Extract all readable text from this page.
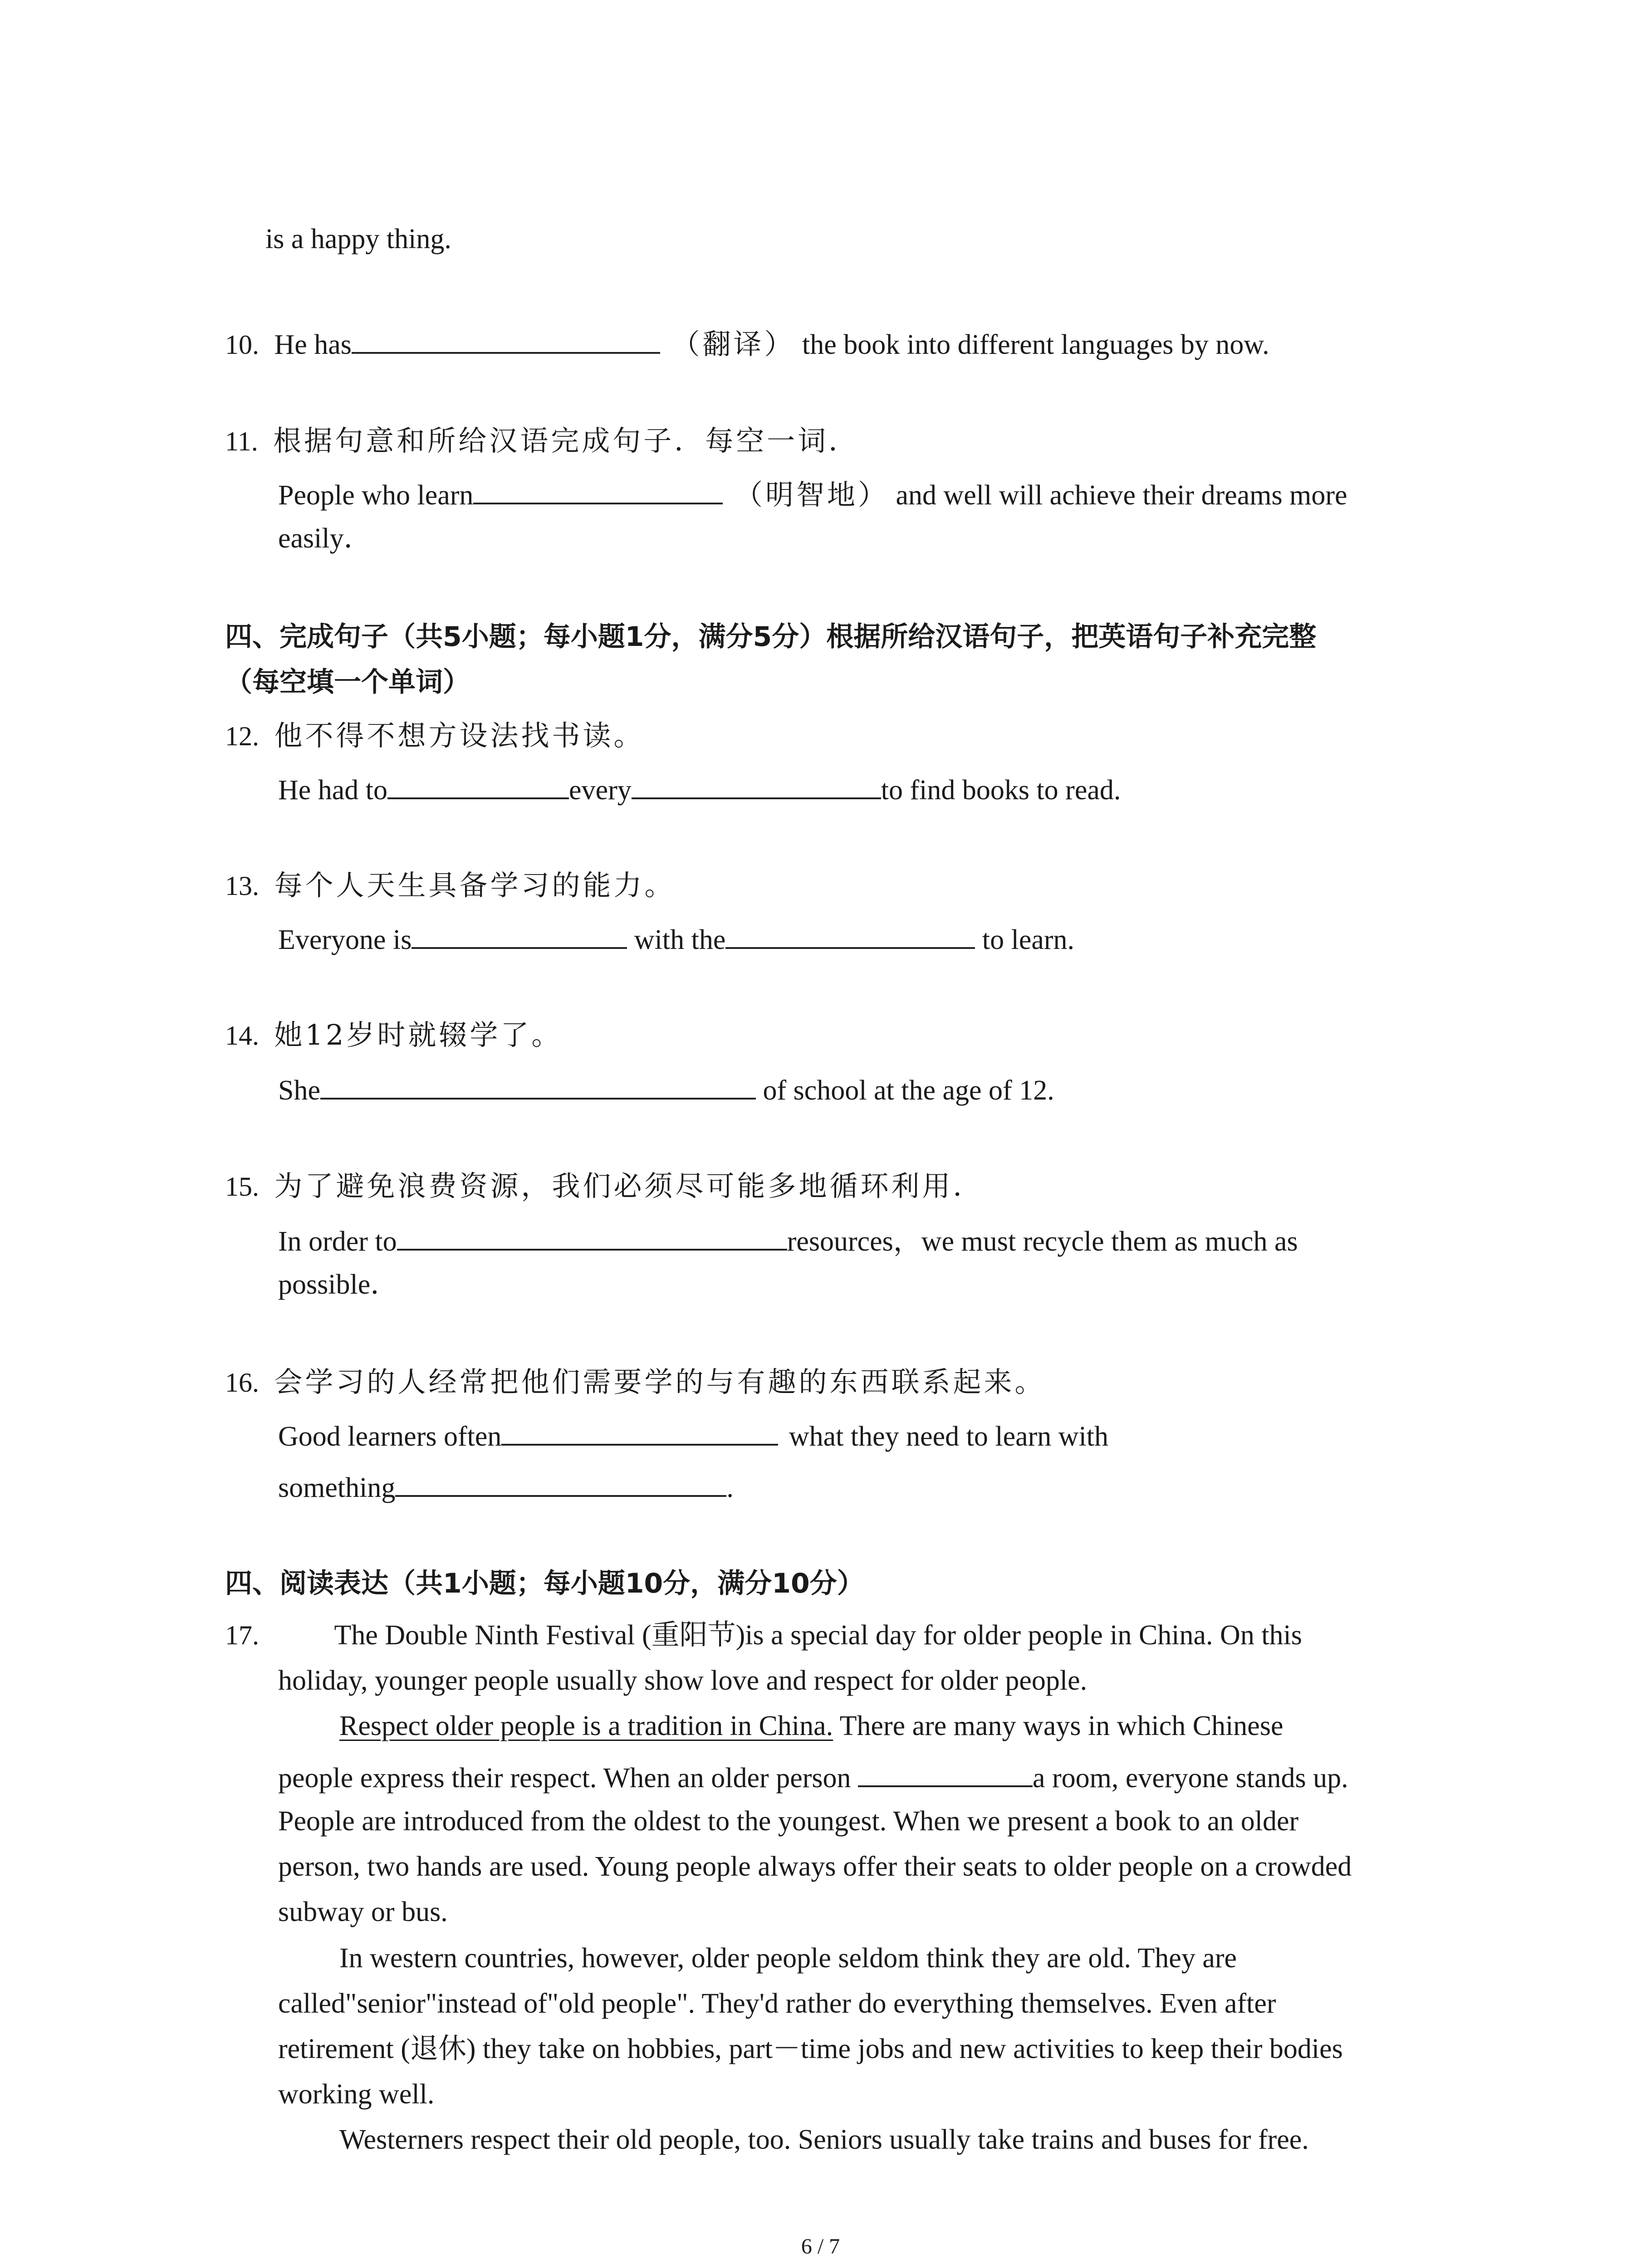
is a happy thing.
10. He has	（翻译） the book into different languages by now.
11. 根据句意和所给汉语完成句子．每空一词．
People who learn	（明智地） and well will achieve their dreams more
easily．
四、完成句子（共5小题；每小题1分，满分5分）根据所给汉语句子，把英语句子补充完整
（每空填一个单词）
12. 他不得不想方设法找书读。
He had to	every	to find books to read.
13. 每个人天生具备学习的能力。
Everyone is	with the	to learn.
14. 她12岁时就辍学了。
She	of school at the age of 12.
15. 为了避免浪费资源，我们必须尽可能多地循环利用．
In order to	resources，we must recycle them as much as
possible．
16. 会学习的人经常把他们需要学的与有趣的东西联系起来。
Good learners often	what they need to learn with
something	.
四、阅读表达（共1小题；每小题10分，满分10分）
17.	The Double Ninth Festival (重阳节)is a special day for older people in China. On this
holiday, younger people usually show love and respect for older people.
Respect older people is a tradition in China. There are many ways in which Chinese
people express their respect. When an older person	a room, everyone stands up.
People are introduced from the oldest to the youngest. When we present a book to an older
person, two hands are used. Young people always offer their seats to older people on a crowded
subway or bus.
In western countries, however, older people seldom think they are old. They are
called"senior"instead of"old people". They'd rather do everything themselves. Even after
retirement (退休) they take on hobbies, part－time jobs and new activities to keep their bodies
working well.
Westerners respect their old people, too. Seniors usually take trains and buses for free.
6 / 7
